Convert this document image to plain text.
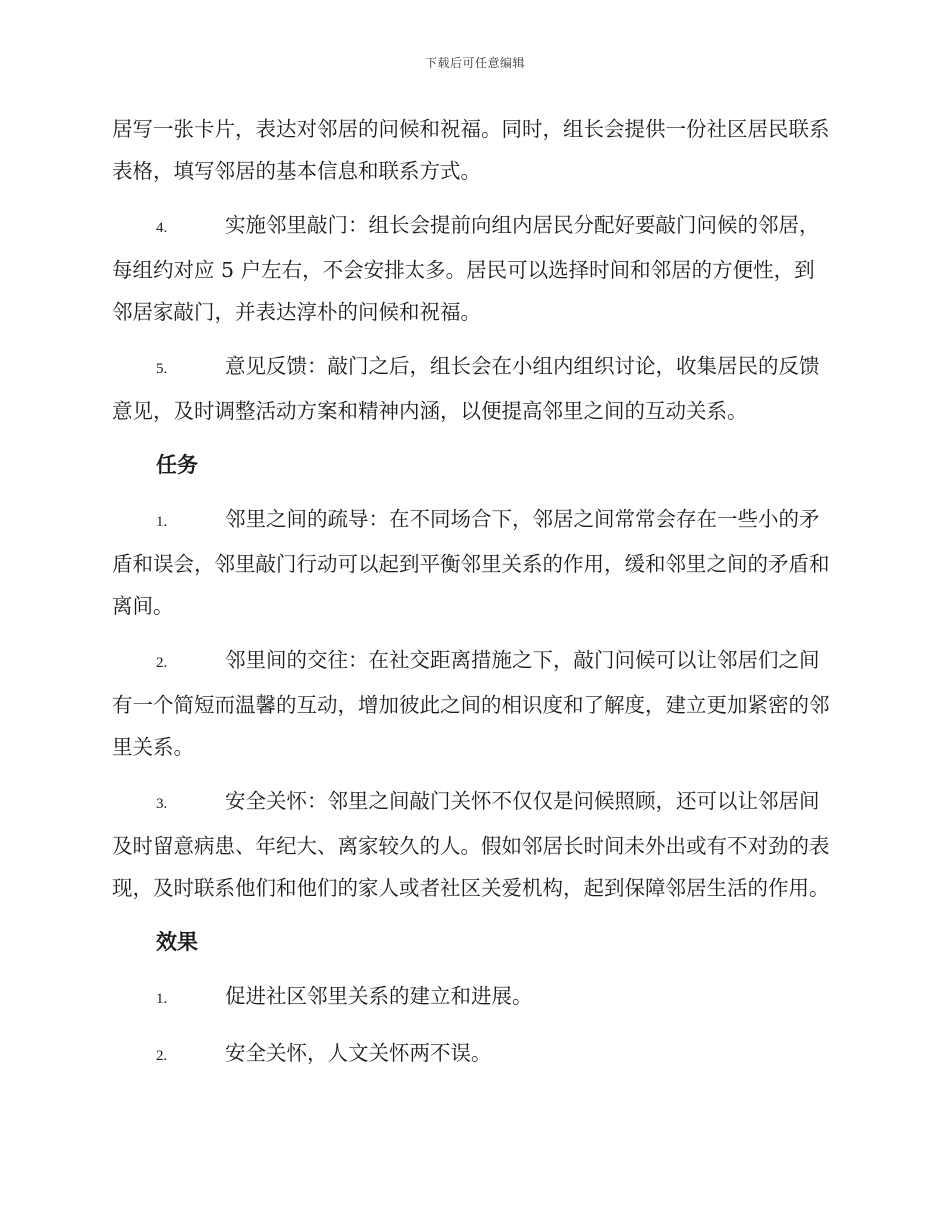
下载后可任意编辑

居写一张卡片，表达对邻居的问候和祝福。同时，组长会提供一份社区居民联系表格，填写邻居的基本信息和联系方式。

4.	实施邻里敲门：组长会提前向组内居民分配好要敲门问候的邻居，每组约对应 5 户左右，不会安排太多。居民可以选择时间和邻居的方便性，到邻居家敲门，并表达淳朴的问候和祝福。

5.	意见反馈：敲门之后，组长会在小组内组织讨论，收集居民的反馈意见，及时调整活动方案和精神内涵，以便提高邻里之间的互动关系。

任务

1.	邻里之间的疏导：在不同场合下，邻居之间常常会存在一些小的矛盾和误会，邻里敲门行动可以起到平衡邻里关系的作用，缓和邻里之间的矛盾和离间。

2.	邻里间的交往：在社交距离措施之下，敲门问候可以让邻居们之间有一个简短而温馨的互动，增加彼此之间的相识度和了解度，建立更加紧密的邻里关系。

3.	安全关怀：邻里之间敲门关怀不仅仅是问候照顾，还可以让邻居间及时留意病患、年纪大、离家较久的人。假如邻居长时间未外出或有不对劲的表现，及时联系他们和他们的家人或者社区关爱机构，起到保障邻居生活的作用。

效果

1.	促进社区邻里关系的建立和进展。

2.	安全关怀，人文关怀两不误。
